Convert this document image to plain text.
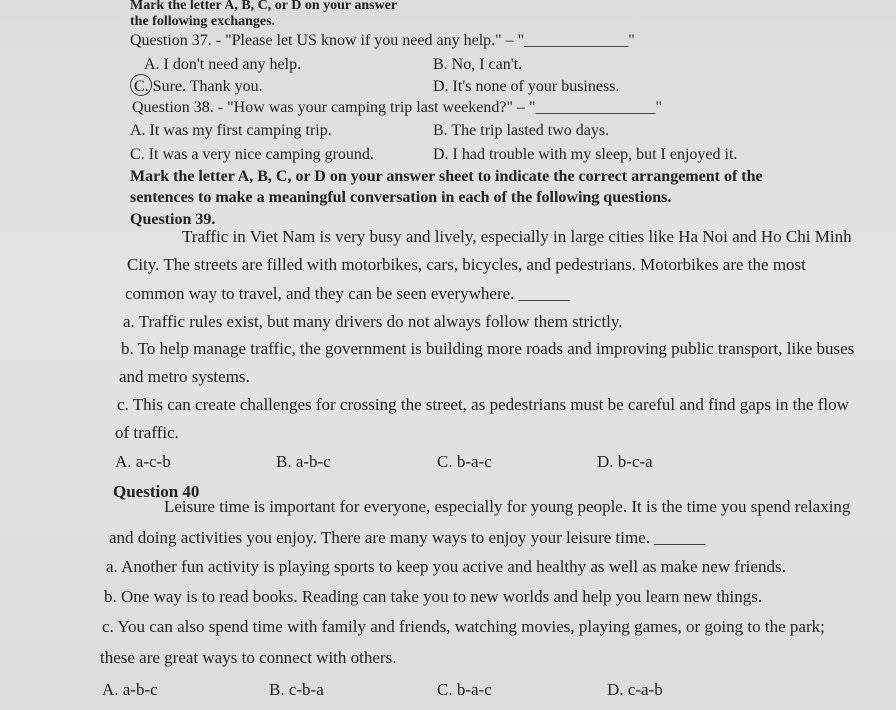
Mark the letter A, B, C, or D on your answer
the following exchanges.
Question 37. - "Please let US know if you need any help." – "_____________"
A. I don't need any help.	B. No, I can't.
C. Sure. Thank you.	D. It's none of your business.
Question 38. - "How was your camping trip last weekend?" – "_______________"
A. It was my first camping trip.	B. The trip lasted two days.
C. It was a very nice camping ground.	D. I had trouble with my sleep, but I enjoyed it.
Mark the letter A, B, C, or D on your answer sheet to indicate the correct arrangement of the
sentences to make a meaningful conversation in each of the following questions.
Question 39.
Traffic in Viet Nam is very busy and lively, especially in large cities like Ha Noi and Ho Chi Minh
City. The streets are filled with motorbikes, cars, bicycles, and pedestrians. Motorbikes are the most
common way to travel, and they can be seen everywhere. ______
a. Traffic rules exist, but many drivers do not always follow them strictly.
b. To help manage traffic, the government is building more roads and improving public transport, like buses
and metro systems.
c. This can create challenges for crossing the street, as pedestrians must be careful and find gaps in the flow
of traffic.
A. a-c-b	B. a-b-c	C. b-a-c	D. b-c-a
Question 40
Leisure time is important for everyone, especially for young people. It is the time you spend relaxing
and doing activities you enjoy. There are many ways to enjoy your leisure time. ______
a. Another fun activity is playing sports to keep you active and healthy as well as make new friends.
b. One way is to read books. Reading can take you to new worlds and help you learn new things.
c. You can also spend time with family and friends, watching movies, playing games, or going to the park;
these are great ways to connect with others.
A. a-b-c	B. c-b-a	C. b-a-c	D. c-a-b
